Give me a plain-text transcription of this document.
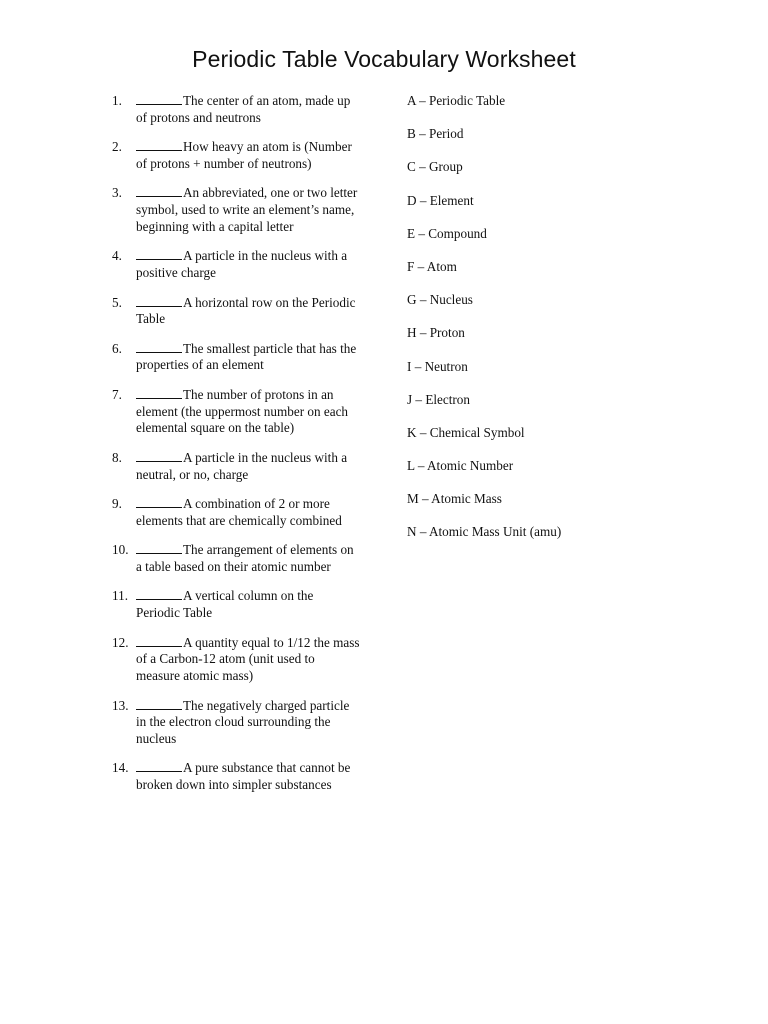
Periodic Table Vocabulary Worksheet
1.	The center of an atom, made up of protons and neutrons
2.	How heavy an atom is (Number of protons + number of neutrons)
3.	An abbreviated, one or two letter symbol, used to write an element’s name, beginning with a capital letter
4.	A particle in the nucleus with a positive charge
5.	A horizontal row on the Periodic Table
6.	The smallest particle that has the properties of an element
7.	The number of protons in an element (the uppermost number on each elemental square on the table)
8.	A particle in the nucleus with a neutral, or no, charge
9.	A combination of 2 or more elements that are chemically combined
10.	The arrangement of elements on a table based on their atomic number
11.	A vertical column on the Periodic Table
12.	A quantity equal to 1/12 the mass of a Carbon-12 atom (unit used to measure atomic mass)
13.	The negatively charged particle in the electron cloud surrounding the nucleus
14.	A pure substance that cannot be broken down into simpler substances
A – Periodic Table
B – Period
C – Group
D – Element
E – Compound
F – Atom
G – Nucleus
H – Proton
I – Neutron
J – Electron
K – Chemical Symbol
L – Atomic Number
M – Atomic Mass
N – Atomic Mass Unit (amu)
